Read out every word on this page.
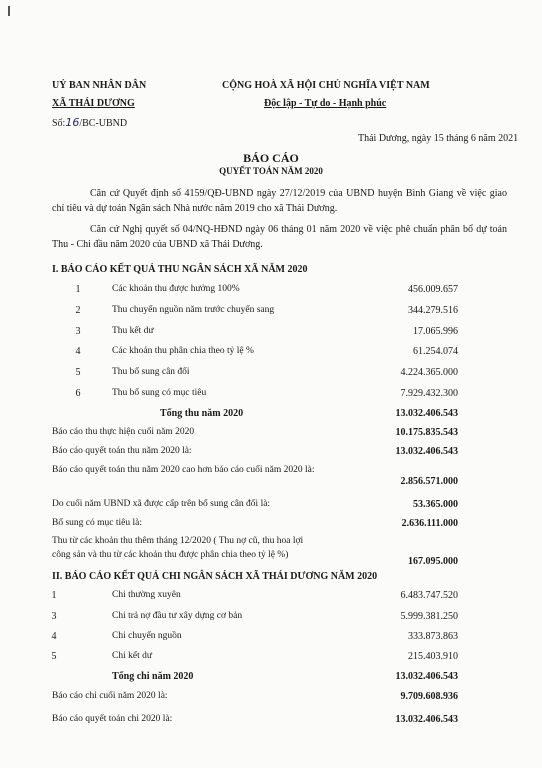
UỶ BAN NHÂN DÂN
XÃ THÁI DƯƠNG
Số:16/BC-UBND
CỘNG HOÀ XÃ HỘI CHỦ NGHĨA VIỆT NAM
Độc lập - Tự do - Hạnh phúc
Thái Dương, ngày 15 tháng 6 năm 2021
BÁO CÁO
QUYẾT TOÁN NĂM 2020
Căn cứ Quyết định số 4159/QĐ-UBND ngày 27/12/2019 của UBND huyện Bình Giang về việc giao chỉ tiêu và dự toán Ngân sách Nhà nước năm 2019 cho xã Thái Dương.
Căn cứ Nghị quyết số 04/NQ-HĐND ngày 06 tháng 01 năm 2020 về việc phê chuẩn phân bổ dự toán Thu - Chi đầu năm 2020 của UBND xã Thái Dương.
I. BÁO CÁO KẾT QUẢ THU NGÂN SÁCH XÃ NĂM 2020
1	Các khoản thu được hưởng 100%	456.009.657
2	Thu chuyển nguồn năm trước chuyển sang	344.279.516
3	Thu kết dư	17.065.996
4	Các khoản thu phân chia theo tỷ lệ %	61.254.074
5	Thu bổ sung cân đối	4.224.365.000
6	Thu bổ sung có mục tiêu	7.929.432.300
Tổng thu năm 2020	13.032.406.543
Báo cáo thu thực hiện cuối năm 2020	10.175.835.543
Báo cáo quyết toán thu năm 2020 là:	13.032.406.543
Báo cáo quyết toán thu năm 2020 cao hơn báo cáo cuối năm 2020 là:
2.856.571.000
Do cuối năm UBND xã được cấp trên bổ sung cân đối là:	53.365.000
Bổ sung có mục tiêu là:	2.636.111.000
Thu từ các khoản thu thêm tháng 12/2020 ( Thu nợ cũ, thu hoa lợi
công sản và thu từ các khoản thu được phân chia theo tỷ lệ %)
167.095.000
II. BÁO CÁO KẾT QUẢ CHI NGÂN SÁCH XÃ THÁI DƯƠNG NĂM 2020
1	Chi thường xuyên	6.483.747.520
3	Chi trả nợ đầu tư xây dựng cơ bản	5.999.381.250
4	Chi chuyển nguồn	333.873.863
5	Chi kết dư	215.403.910
Tổng chi năm 2020	13.032.406.543
Báo cáo chi cuối năm 2020 là:	9.709.608.936
Báo cáo quyết toán chi 2020 là:	13.032.406.543
